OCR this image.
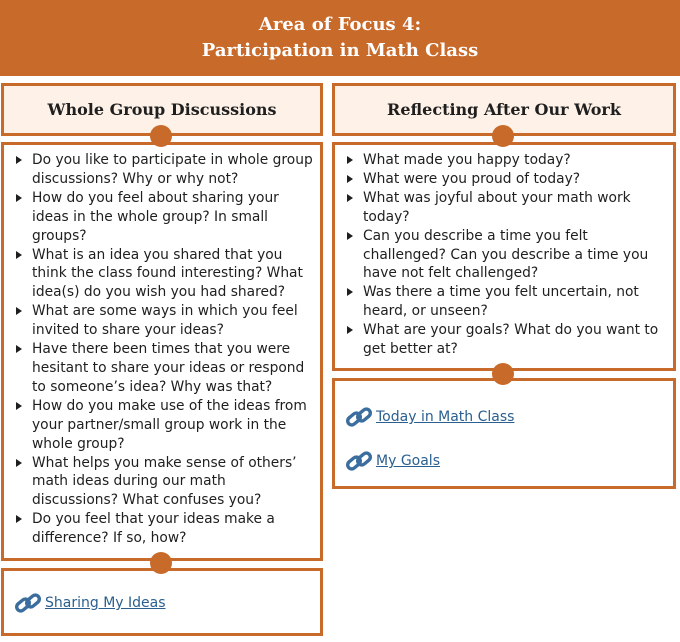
Area of Focus 4:
Participation in Math Class
Whole Group Discussions
Do you like to participate in whole group discussions? Why or why not?
How do you feel about sharing your ideas in the whole group? In small groups?
What is an idea you shared that you think the class found interesting? What idea(s) do you wish you had shared?
What are some ways in which you feel invited to share your ideas?
Have there been times that you were hesitant to share your ideas or respond to someone’s idea? Why was that?
How do you make use of the ideas from your partner/small group work in the whole group?
What helps you make sense of others’ math ideas during our math discussions? What confuses you?
Do you feel that your ideas make a difference? If so, how?
Sharing My Ideas
Reflecting After Our Work
What made you happy today?
What were you proud of today?
What was joyful about your math work today?
Can you describe a time you felt challenged? Can you describe a time you have not felt challenged?
Was there a time you felt uncertain, not heard, or unseen?
What are your goals? What do you want to get better at?
Today in Math Class
My Goals
